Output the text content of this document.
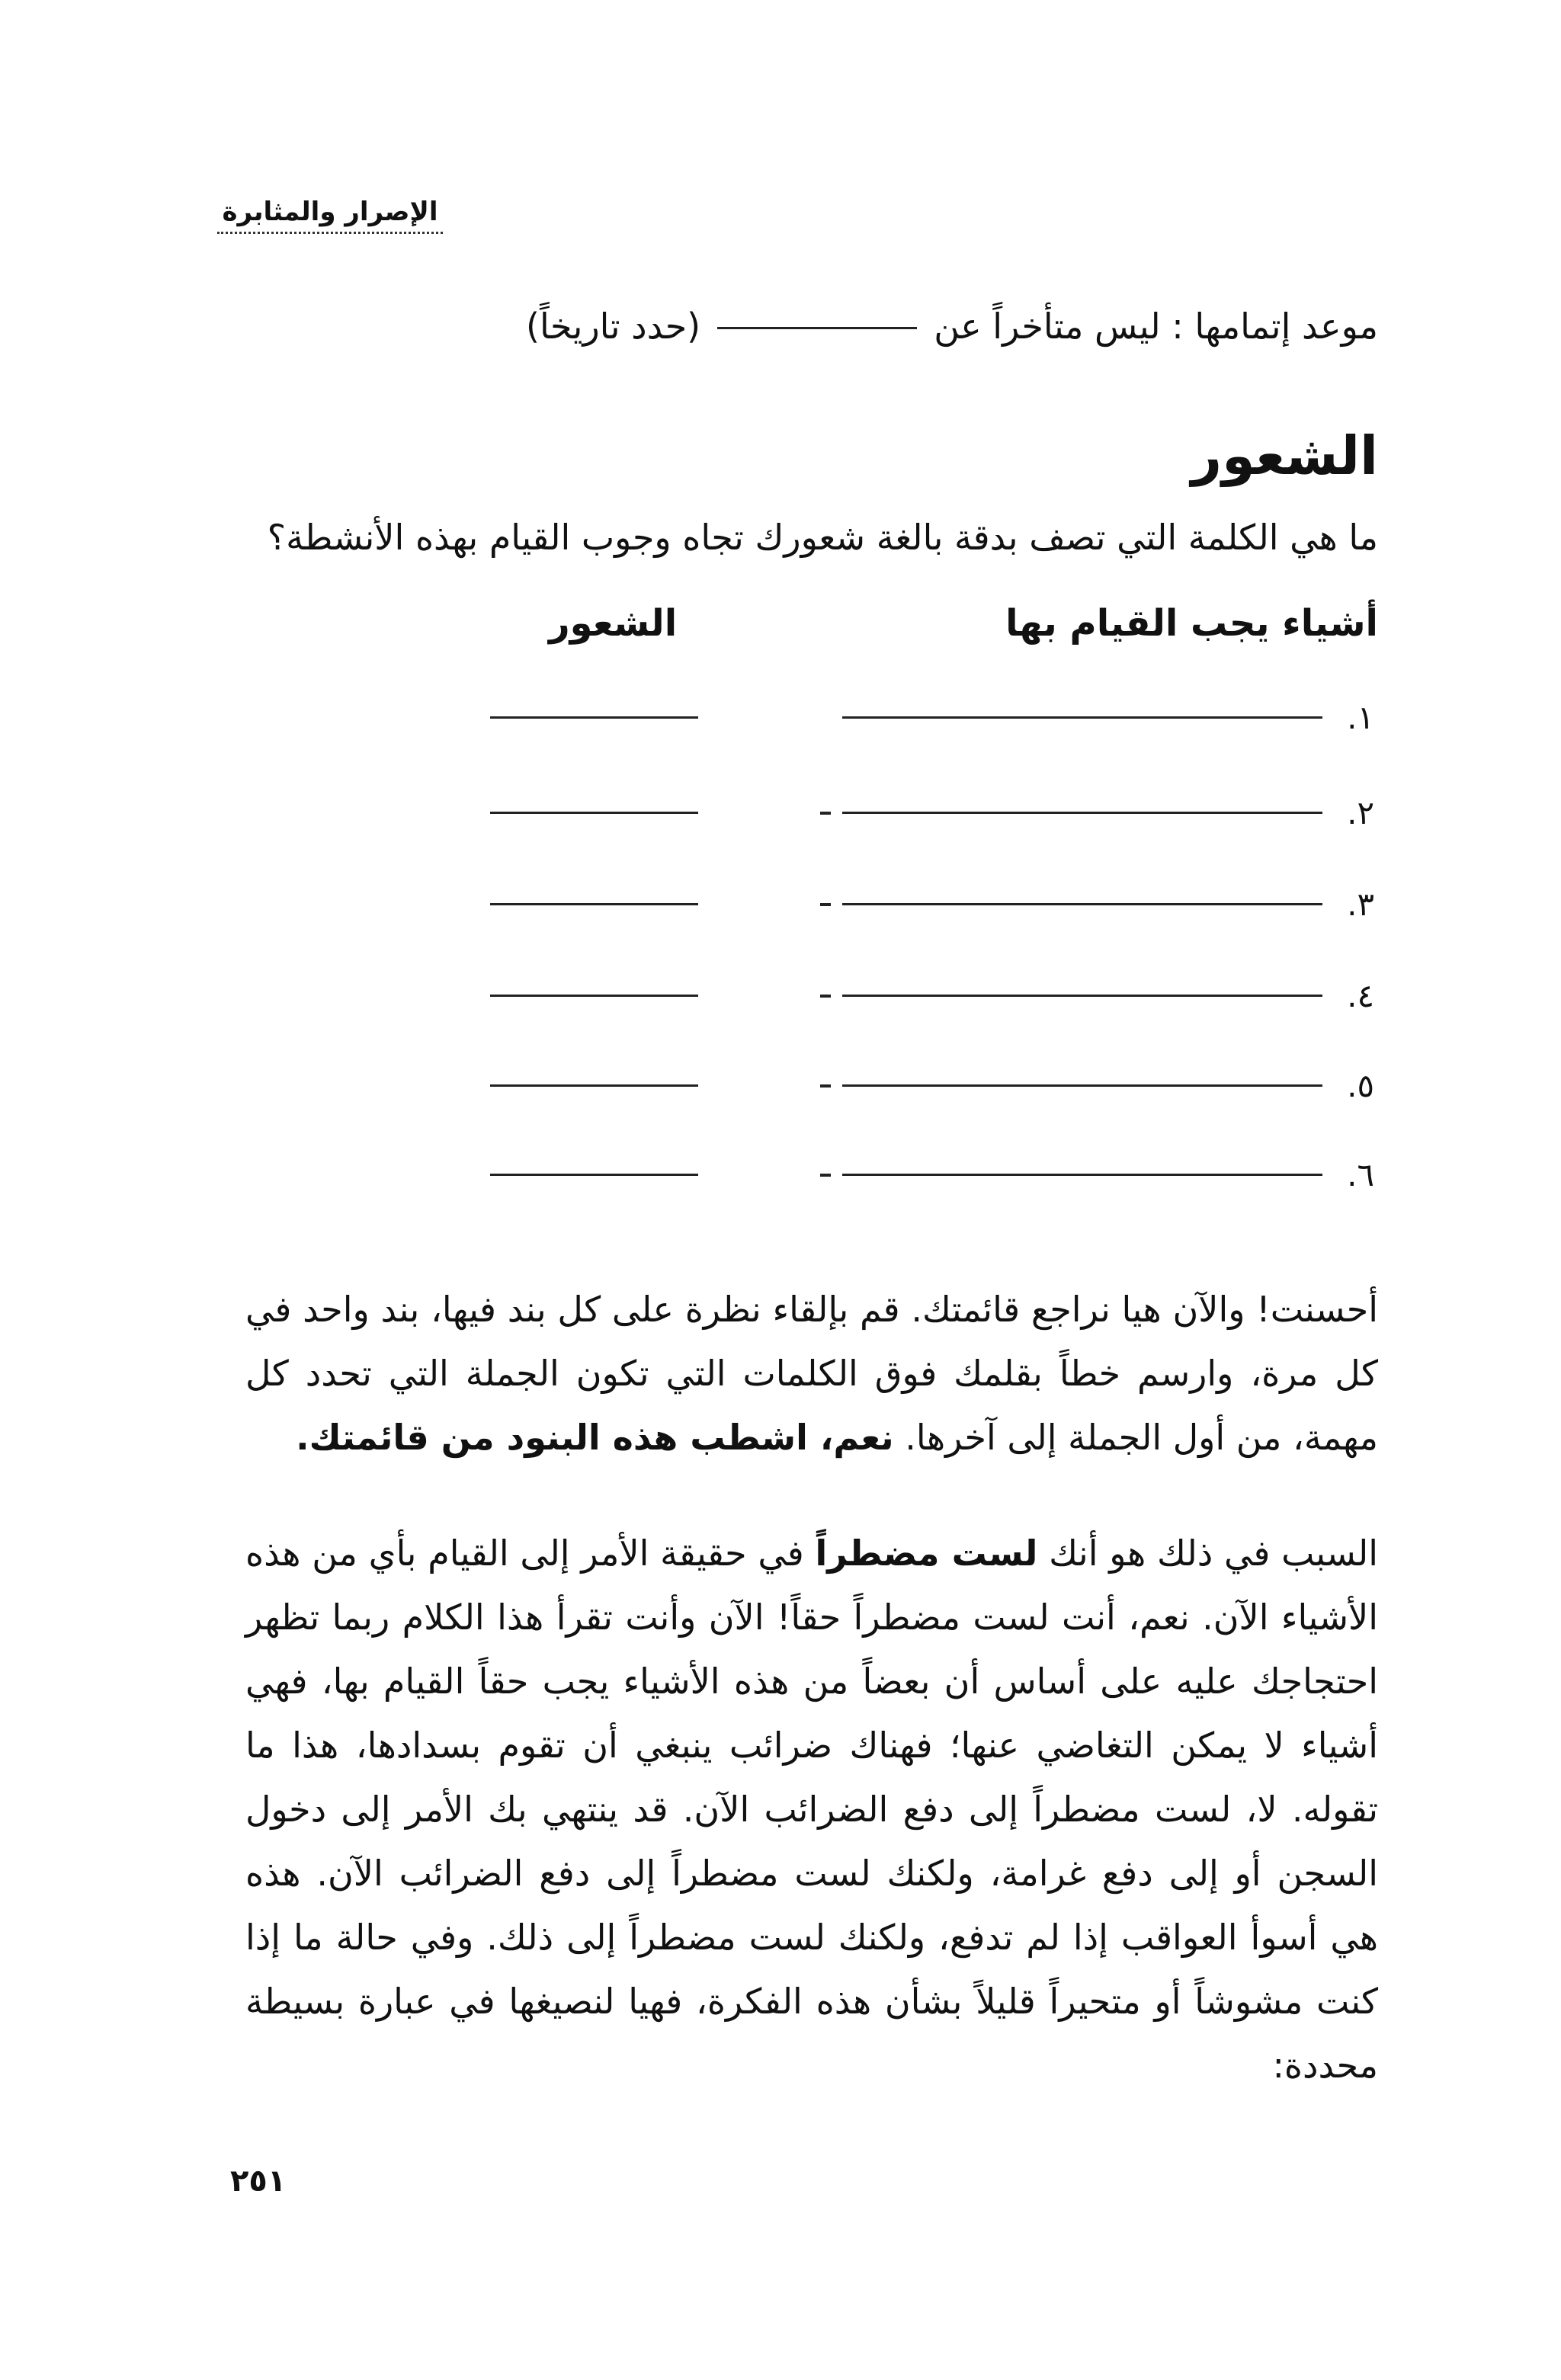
الإصرار والمثابرة
موعد إتمامها : ليس متأخراً عن
(حدد تاريخاً)
الشعور
ما هي الكلمة التي تصف بدقة بالغة شعورك تجاه وجوب القيام بهذه الأنشطة؟
أشياء يجب القيام بها
الشعور
١.
٢.
٣.
٤.
٥.
٦.

أحسنت! والآن هيا نراجع قائمتك. قم بإلقاء نظرة على كل بند فيها، بند واحد في كل مرة، وارسم خطاً بقلمك فوق الكلمات التي تكون الجملة التي تحدد كل مهمة، من أول الجملة إلى آخرها. نعم، اشطب هذه البنود من قائمتك.

السبب في ذلك هو أنك لست مضطراً في حقيقة الأمر إلى القيام بأي من هذه الأشياء الآن. نعم، أنت لست مضطراً حقاً! الآن وأنت تقرأ هذا الكلام ربما تظهر احتجاجك عليه على أساس أن بعضاً من هذه الأشياء يجب حقاً القيام بها، فهي أشياء لا يمكن التغاضي عنها؛ فهناك ضرائب ينبغي أن تقوم بسدادها، هذا ما تقوله. لا، لست مضطراً إلى دفع الضرائب الآن. قد ينتهي بك الأمر إلى دخول السجن أو إلى دفع غرامة، ولكنك لست مضطراً إلى دفع الضرائب الآن. هذه هي أسوأ العواقب إذا لم تدفع، ولكنك لست مضطراً إلى ذلك. وفي حالة ما إذا كنت مشوشاً أو متحيراً قليلاً بشأن هذه الفكرة، فهيا لنصيغها في عبارة بسيطة محددة:

٢٥١
